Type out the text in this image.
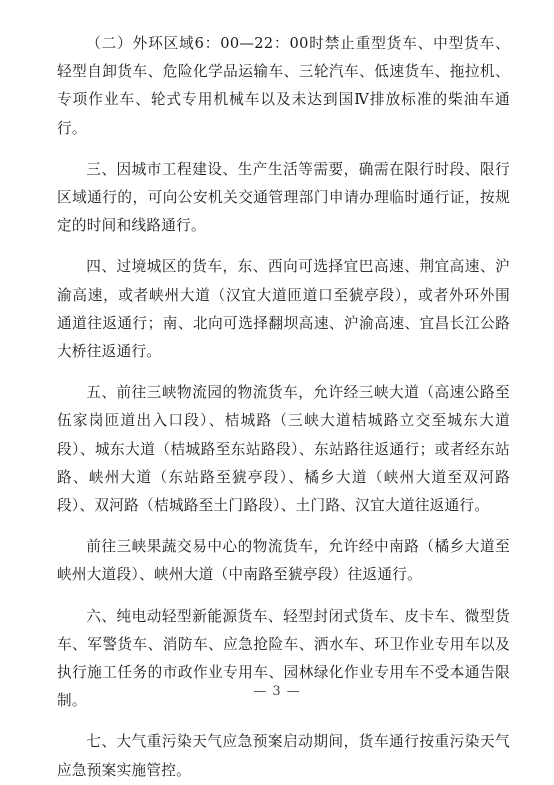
（二）外环区域6：00—22：00时禁止重型货车、中型货车、轻型自卸货车、危险化学品运输车、三轮汽车、低速货车、拖拉机、专项作业车、轮式专用机械车以及未达到国Ⅳ排放标准的柴油车通行。

三、因城市工程建设、生产生活等需要，确需在限行时段、限行区域通行的，可向公安机关交通管理部门申请办理临时通行证，按规定的时间和线路通行。

四、过境城区的货车，东、西向可选择宜巴高速、荆宜高速、沪渝高速，或者峡州大道（汉宜大道匝道口至猇亭段），或者外环外围通道往返通行；南、北向可选择翻坝高速、沪渝高速、宜昌长江公路大桥往返通行。

五、前往三峡物流园的物流货车，允许经三峡大道（高速公路至伍家岗匝道出入口段）、桔城路（三峡大道桔城路立交至城东大道段）、城东大道（桔城路至东站路段）、东站路往返通行；或者经东站路、峡州大道（东站路至猇亭段）、橘乡大道（峡州大道至双河路段）、双河路（桔城路至土门路段）、土门路、汉宜大道往返通行。

前往三峡果蔬交易中心的物流货车，允许经中南路（橘乡大道至峡州大道段）、峡州大道（中南路至猇亭段）往返通行。

六、纯电动轻型新能源货车、轻型封闭式货车、皮卡车、微型货车、军警货车、消防车、应急抢险车、洒水车、环卫作业专用车以及执行施工任务的市政作业专用车、园林绿化作业专用车不受本通告限制。

七、大气重污染天气应急预案启动期间，货车通行按重污染天气应急预案实施管控。

— 3 —
